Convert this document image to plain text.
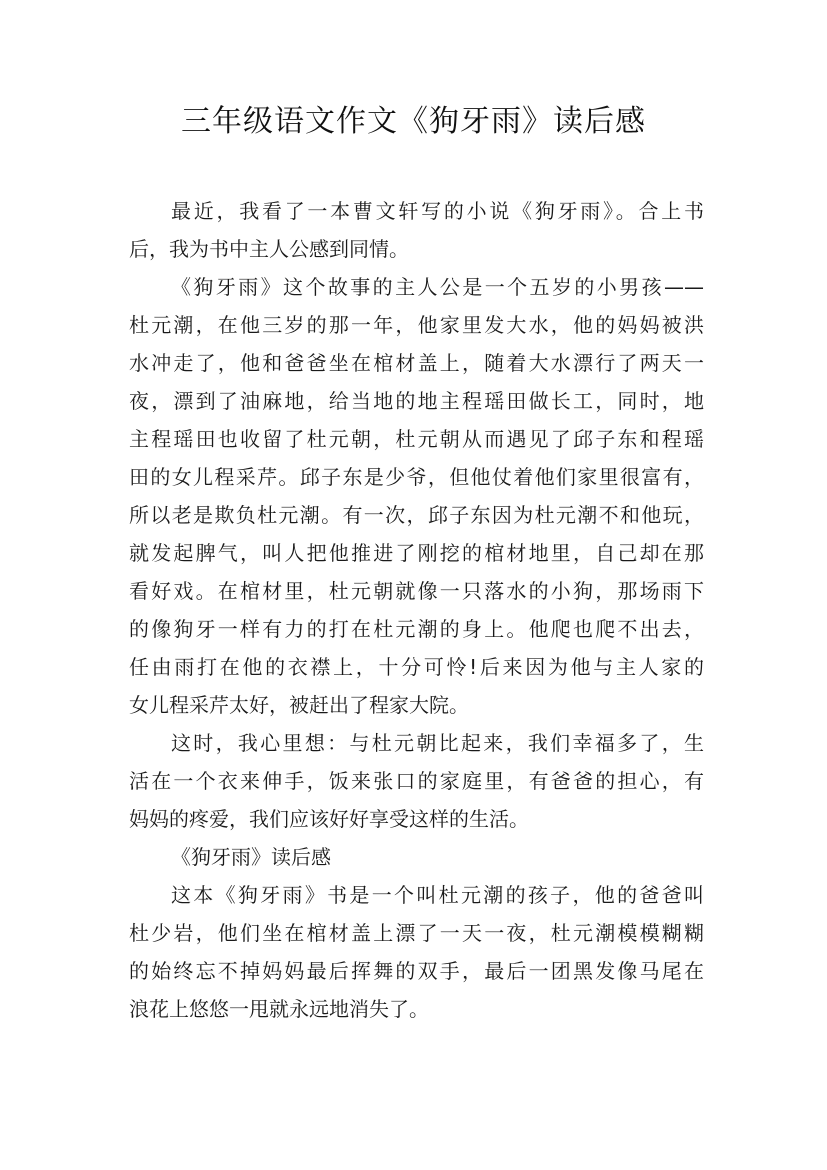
三年级语文作文《狗牙雨》读后感
最近，我看了一本曹文轩写的小说《狗牙雨》。合上书
后，我为书中主人公感到同情。
《狗牙雨》这个故事的主人公是一个五岁的小男孩——
杜元潮，在他三岁的那一年，他家里发大水，他的妈妈被洪
水冲走了，他和爸爸坐在棺材盖上，随着大水漂行了两天一
夜，漂到了油麻地，给当地的地主程瑶田做长工，同时，地
主程瑶田也收留了杜元朝，杜元朝从而遇见了邱子东和程瑶
田的女儿程采芹。邱子东是少爷，但他仗着他们家里很富有，
所以老是欺负杜元潮。有一次，邱子东因为杜元潮不和他玩，
就发起脾气，叫人把他推进了刚挖的棺材地里，自己却在那
看好戏。在棺材里，杜元朝就像一只落水的小狗，那场雨下
的像狗牙一样有力的打在杜元潮的身上。他爬也爬不出去，
任由雨打在他的衣襟上，十分可怜!后来因为他与主人家的
女儿程采芹太好，被赶出了程家大院。
这时，我心里想：与杜元朝比起来，我们幸福多了，生
活在一个衣来伸手，饭来张口的家庭里，有爸爸的担心，有
妈妈的疼爱，我们应该好好享受这样的生活。
《狗牙雨》读后感
这本《狗牙雨》书是一个叫杜元潮的孩子，他的爸爸叫
杜少岩，他们坐在棺材盖上漂了一天一夜，杜元潮模模糊糊
的始终忘不掉妈妈最后挥舞的双手，最后一团黑发像马尾在
浪花上悠悠一甩就永远地消失了。
